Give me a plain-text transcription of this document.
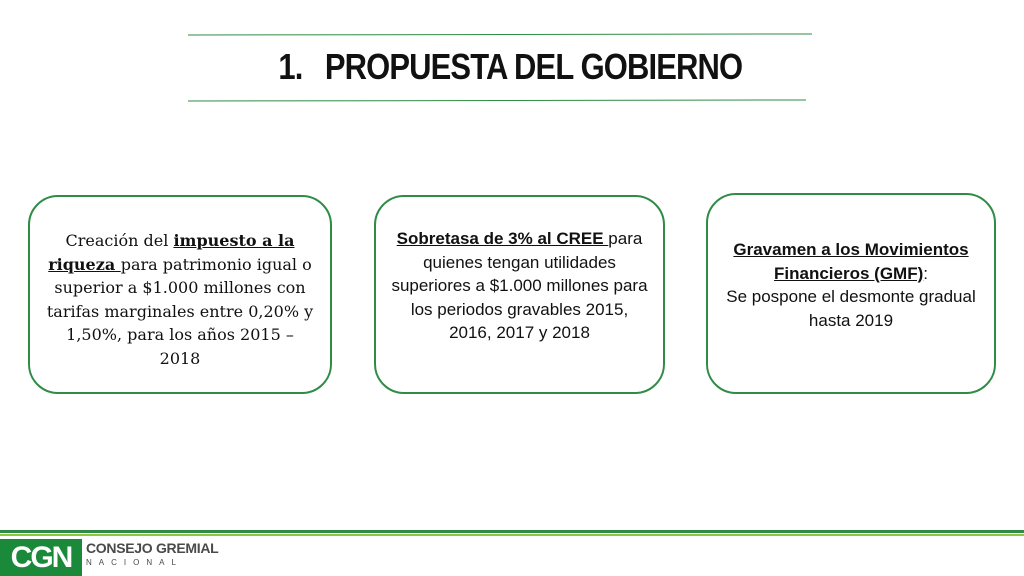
1. PROPUESTA DEL GOBIERNO
Creación del impuesto a la riqueza para patrimonio igual o superior a $1.000 millones con tarifas marginales entre 0,20% y 1,50%, para los años 2015 – 2018
Sobretasa de 3% al CREE para quienes tengan utilidades superiores a $1.000 millones para los periodos gravables 2015, 2016, 2017 y 2018
Gravamen a los Movimientos Financieros (GMF):
Se pospone el desmonte gradual hasta 2019
CGN	CONSEJO GREMIAL
NACIONAL
